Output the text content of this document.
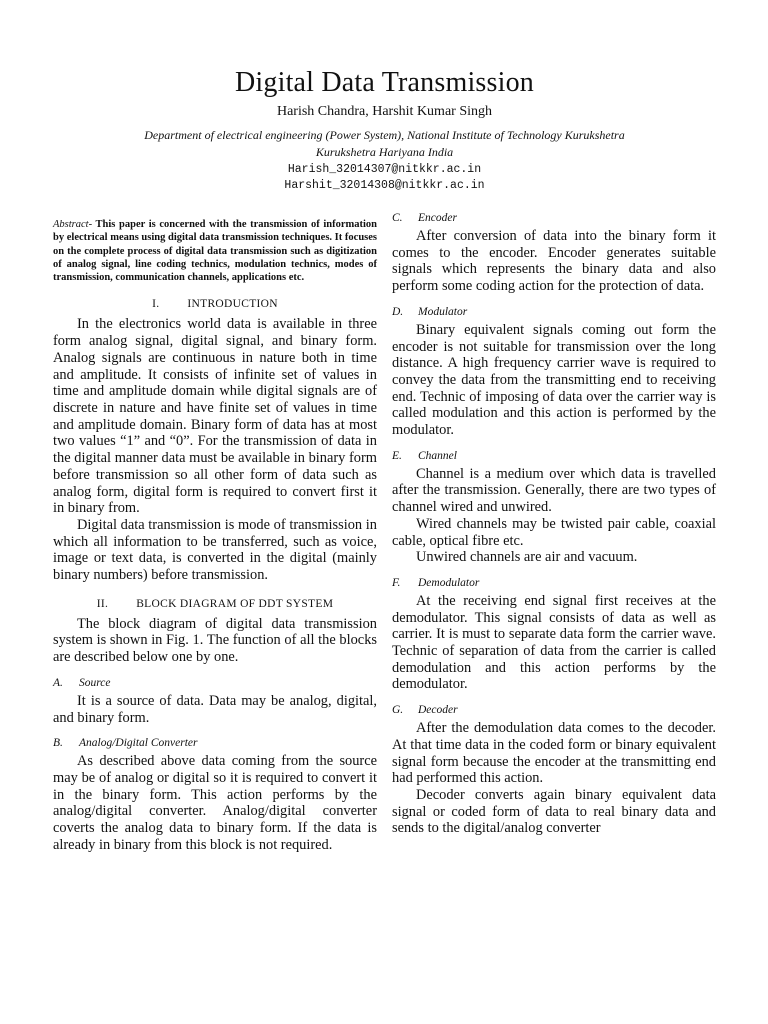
Digital Data Transmission
Harish Chandra, Harshit Kumar Singh
Department of electrical engineering (Power System), National Institute of Technology Kurukshetra
Kurukshetra Hariyana India
Harish_32014307@nitkkr.ac.in
Harshit_32014308@nitkkr.ac.in

Abstract- This paper is concerned with the transmission of information by electrical means using digital data transmission techniques. It focuses on the complete process of digital data transmission such as digitization of analog signal, line coding technics, modulation technics, modes of transmission, communication channels, applications etc.

I. INTRODUCTION

In the electronics world data is available in three form analog signal, digital signal, and binary form. Analog signals are continuous in nature both in time and amplitude. It consists of infinite set of values in time and amplitude domain while digital signals are of discrete in nature and have finite set of values in time and amplitude domain. Binary form of data has at most two values “1” and “0”. For the transmission of data in the digital manner data must be available in binary form before transmission so all other form of data such as analog form, digital form is required to convert first it in binary from.

Digital data transmission is mode of transmission in which all information to be transferred, such as voice, image or text data, is converted in the digital (mainly binary numbers) before transmission.

II. BLOCK DIAGRAM OF DDT SYSTEM

The block diagram of digital data transmission system is shown in Fig. 1. The function of all the blocks are described below one by one.

A. Source

It is a source of data. Data may be analog, digital, and binary form.

B. Analog/Digital Converter

As described above data coming from the source may be of analog or digital so it is required to convert it in the binary form. This action performs by the analog/digital converter. Analog/digital converter coverts the analog data to binary form. If the data is already in binary from this block is not required.

C. Encoder

After conversion of data into the binary form it comes to the encoder. Encoder generates suitable signals which represents the binary data and also perform some coding action for the protection of data.

D. Modulator

Binary equivalent signals coming out form the encoder is not suitable for transmission over the long distance. A high frequency carrier wave is required to convey the data from the transmitting end to receiving end. Technic of imposing of data over the carrier way is called modulation and this action is performed by the modulator.

E. Channel

Channel is a medium over which data is travelled after the transmission. Generally, there are two types of channel wired and unwired.

Wired channels may be twisted pair cable, coaxial cable, optical fibre etc.

Unwired channels are air and vacuum.

F. Demodulator

At the receiving end signal first receives at the demodulator. This signal consists of data as well as carrier. It is must to separate data form the carrier wave. Technic of separation of data from the carrier is called demodulation and this action performs by the demodulator.

G. Decoder

After the demodulation data comes to the decoder. At that time data in the coded form or binary equivalent signal form because the encoder at the transmitting end had performed this action.

Decoder converts again binary equivalent data signal or coded form of data to real binary data and sends to the digital/analog converter
